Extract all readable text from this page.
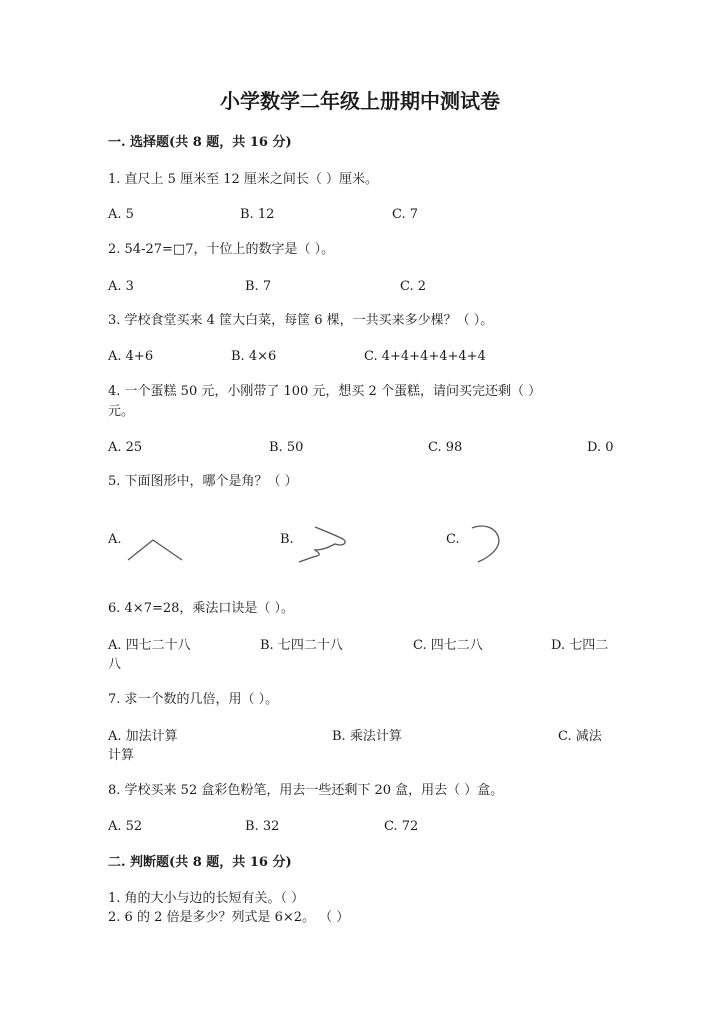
小学数学二年级上册期中测试卷
一. 选择题(共 8 题，共 16 分)
1. 直尺上 5 厘米至 12 厘米之间长（ ）厘米。
A. 5	B. 12	C. 7
2. 54-27=□7，十位上的数字是（ ）。
A. 3	B. 7	C. 2
3. 学校食堂买来 4 筐大白菜，每筐 6 棵，一共买来多少棵？（ ）。
A. 4+6	B. 4×6	C. 4+4+4+4+4+4
4. 一个蛋糕 50 元，小刚带了 100 元，想买 2 个蛋糕，请问买完还剩（ ）
元。
A. 25	B. 50	C. 98	D. 0
5. 下面图形中，哪个是角？（ ）
A.	B.	C.
6. 4×7=28，乘法口诀是（ ）。
A. 四七二十八	B. 七四二十八	C. 四七二八	D. 七四二
八
7. 求一个数的几倍，用（ ）。
A. 加法计算	B. 乘法计算	C. 减法
计算
8. 学校买来 52 盒彩色粉笔，用去一些还剩下 20 盒，用去（ ）盒。
A. 52	B. 32	C. 72
二. 判断题(共 8 题，共 16 分)
1. 角的大小与边的长短有关。（ ）
2. 6 的 2 倍是多少？列式是 6×2。 （ ）
